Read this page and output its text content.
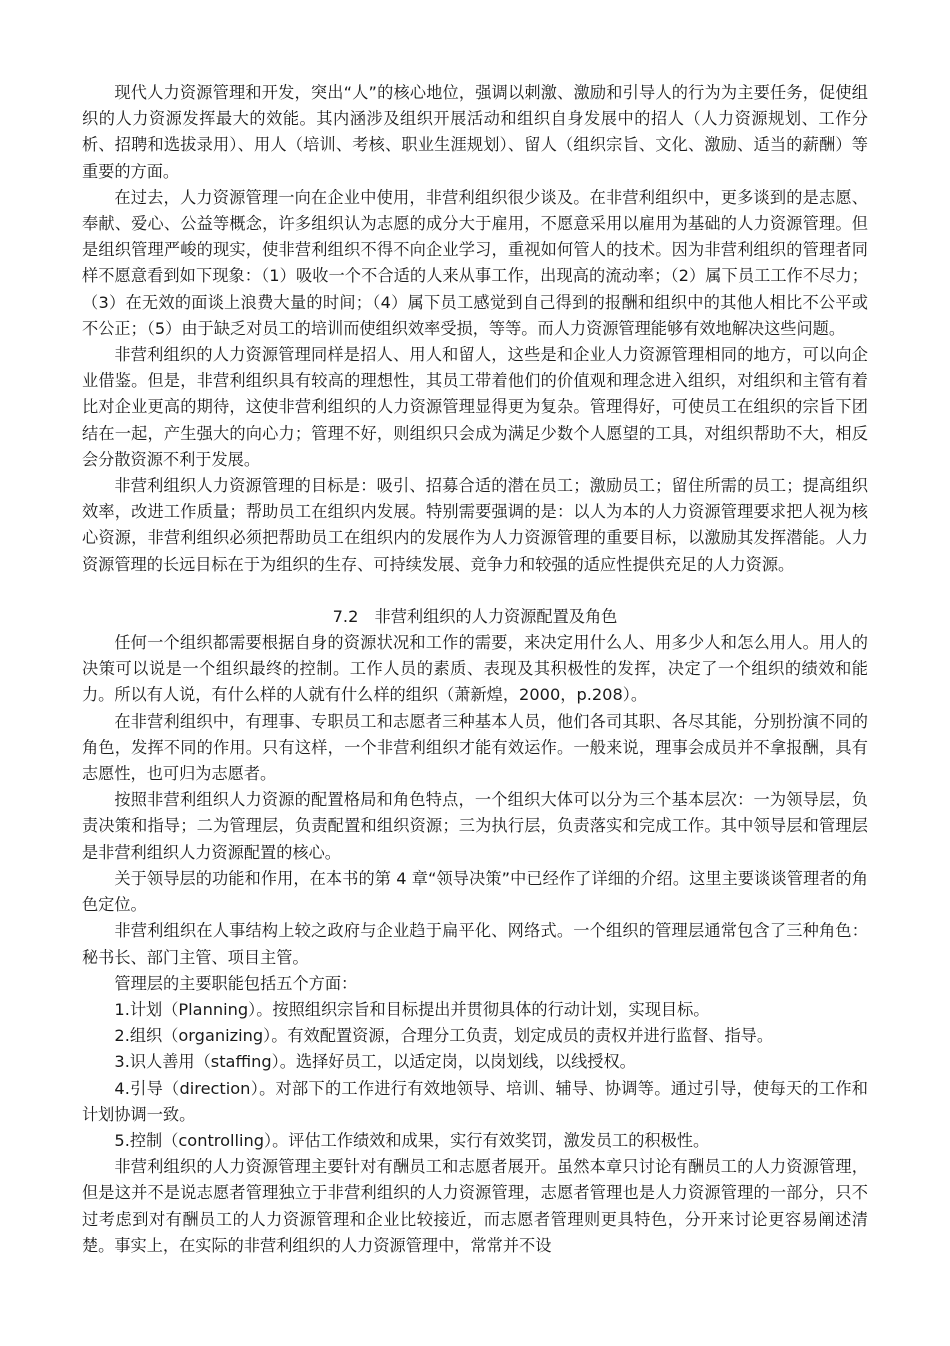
现代人力资源管理和开发，突出“人”的核心地位，强调以刺激、激励和引导人的行为为主要任务，促使组织的人力资源发挥最大的效能。其内涵涉及组织开展活动和组织自身发展中的招人（人力资源规划、工作分析、招聘和选拔录用）、用人（培训、考核、职业生涯规划）、留人（组织宗旨、文化、激励、适当的薪酬）等重要的方面。

在过去，人力资源管理一向在企业中使用，非营利组织很少谈及。在非营利组织中，更多谈到的是志愿、奉献、爱心、公益等概念，许多组织认为志愿的成分大于雇用，不愿意采用以雇用为基础的人力资源管理。但是组织管理严峻的现实，使非营利组织不得不向企业学习，重视如何管人的技术。因为非营利组织的管理者同样不愿意看到如下现象：（1）吸收一个不合适的人来从事工作，出现高的流动率；（2）属下员工工作不尽力；（3）在无效的面谈上浪费大量的时间；（4）属下员工感觉到自己得到的报酬和组织中的其他人相比不公平或不公正；（5）由于缺乏对员工的培训而使组织效率受损，等等。而人力资源管理能够有效地解决这些问题。

非营利组织的人力资源管理同样是招人、用人和留人，这些是和企业人力资源管理相同的地方，可以向企业借鉴。但是，非营利组织具有较高的理想性，其员工带着他们的价值观和理念进入组织，对组织和主管有着比对企业更高的期待，这使非营利组织的人力资源管理显得更为复杂。管理得好，可使员工在组织的宗旨下团结在一起，产生强大的向心力；管理不好，则组织只会成为满足少数个人愿望的工具，对组织帮助不大，相反会分散资源不利于发展。

非营利组织人力资源管理的目标是：吸引、招募合适的潜在员工；激励员工；留住所需的员工；提高组织效率，改进工作质量；帮助员工在组织内发展。特别需要强调的是：以人为本的人力资源管理要求把人视为核心资源，非营利组织必须把帮助员工在组织内的发展作为人力资源管理的重要目标，以激励其发挥潜能。人力资源管理的长远目标在于为组织的生存、可持续发展、竞争力和较强的适应性提供充足的人力资源。

7.2　非营利组织的人力资源配置及角色

任何一个组织都需要根据自身的资源状况和工作的需要，来决定用什么人、用多少人和怎么用人。用人的决策可以说是一个组织最终的控制。工作人员的素质、表现及其积极性的发挥，决定了一个组织的绩效和能力。所以有人说，有什么样的人就有什么样的组织（萧新煌，2000，p.208）。

在非营利组织中，有理事、专职员工和志愿者三种基本人员，他们各司其职、各尽其能，分别扮演不同的角色，发挥不同的作用。只有这样，一个非营利组织才能有效运作。一般来说，理事会成员并不拿报酬，具有志愿性，也可归为志愿者。

按照非营利组织人力资源的配置格局和角色特点，一个组织大体可以分为三个基本层次：一为领导层，负责决策和指导；二为管理层，负责配置和组织资源；三为执行层，负责落实和完成工作。其中领导层和管理层是非营利组织人力资源配置的核心。

关于领导层的功能和作用，在本书的第 4 章“领导决策”中已经作了详细的介绍。这里主要谈谈管理者的角色定位。

非营利组织在人事结构上较之政府与企业趋于扁平化、网络式。一个组织的管理层通常包含了三种角色：秘书长、部门主管、项目主管。

管理层的主要职能包括五个方面：

1.计划（Planning）。按照组织宗旨和目标提出并贯彻具体的行动计划，实现目标。

2.组织（organizing）。有效配置资源，合理分工负责，划定成员的责权并进行监督、指导。

3.识人善用（staffing）。选择好员工，以适定岗，以岗划线，以线授权。

4.引导（direction）。对部下的工作进行有效地领导、培训、辅导、协调等。通过引导，使每天的工作和计划协调一致。

5.控制（controlling）。评估工作绩效和成果，实行有效奖罚，激发员工的积极性。

非营利组织的人力资源管理主要针对有酬员工和志愿者展开。虽然本章只讨论有酬员工的人力资源管理，但是这并不是说志愿者管理独立于非营利组织的人力资源管理，志愿者管理也是人力资源管理的一部分，只不过考虑到对有酬员工的人力资源管理和企业比较接近，而志愿者管理则更具特色，分开来讨论更容易阐述清楚。事实上，在实际的非营利组织的人力资源管理中，常常并不设
